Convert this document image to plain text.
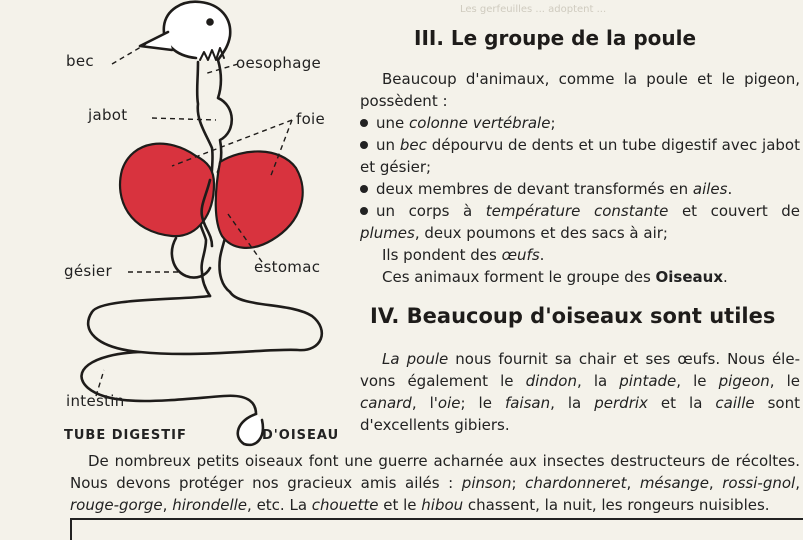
Les gerfeuilles ... adoptent ...
bec	oesophage
jabot	foie
gésier	estomac
intestin
TUBE DIGESTIF	D'OISEAU
III. Le groupe de la poule
Beaucoup d'animaux, comme la poule et le pigeon, possèdent :
une colonne vertébrale;
un bec dépourvu de dents et un tube digestif avec jabot et gésier;
deux membres de devant transformés en ailes.
un corps à température constante et couvert de plumes, deux poumons et des sacs à air;
Ils pondent des œufs.
Ces animaux forment le groupe des Oiseaux.
IV. Beaucoup d'oiseaux sont utiles
La poule nous fournit sa chair et ses œufs. Nous éle-vons également le dindon, la pintade, le pigeon, le canard, l'oie; le faisan, la perdrix et la caille sont d'excellents gibiers.
De nombreux petits oiseaux font une guerre acharnée aux insectes destructeurs de récoltes. Nous devons protéger nos gracieux amis ailés : pinson; chardonneret, mésange, rossi-gnol, rouge-gorge, hirondelle, etc. La chouette et le hibou chassent, la nuit, les rongeurs nuisibles.
